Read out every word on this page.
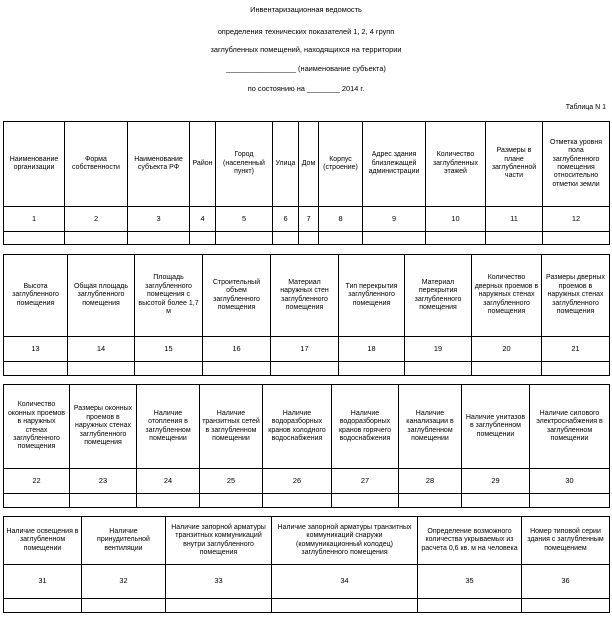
Инвентаризационная ведомость
определения технических показателей 1, 2, 4 групп
заглубленных помещений, находящихся на территории
_________________ (наименование субъекта)
по состоянию на ________ 2014 г.
Таблица N 1
Наименование организации	Форма собственности	Наименование субъекта РФ	Район	Город (населенный пункт)	Улица	Дом	Корпус (строение)	Адрес здания близлежащей администрации	Количество заглубленных этажей	Размеры в плане заглубленной части	Отметка уровня пола заглубленного помещения относительно отметки земли
1	2	3	4	5	6	7	8	9	10	11	12

Высота заглубленного помещения	Общая площадь заглубленного помещения	Площадь заглубленного помещения с высотой более 1,7 м	Строительный объем заглубленного помещения	Материал наружных стен заглубленного помещения	Тип перекрытия заглубленного помещения	Материал перекрытия заглубленного помещения	Количество дверных проемов в наружных стенах заглубленного помещения	Размеры дверных проемов в наружных стенах заглубленного помещения
13	14	15	16	17	18	19	20	21

Количество оконных проемов в наружных стенах заглубленного помещения	Размеры оконных проемов в наружных стенах заглубленного помещения	Наличие отопления в заглубленном помещении	Наличие транзитных сетей в заглубленном помещении	Наличие водоразборных кранов холодного водоснабжения	Наличие водоразборных кранов горячего водоснабжения	Наличие канализации в заглубленном помещении	Наличие унитазов в заглубленном помещении	Наличие силового электроснабжения в заглубленном помещении
22	23	24	25	26	27	28	29	30

Наличие освещения в заглубленном помещении	Наличие принудительной вентиляции	Наличие запорной арматуры транзитных коммуникаций внутри заглубленного помещения	Наличие запорной арматуры транзитных коммуникаций снаружи (коммуникационный колодец) заглубленного помещения	Определение возможного количества укрываемых из расчета 0,6 кв. м на человека	Номер типовой серии здания с заглубленным помещением
31	32	33	34	35	36
